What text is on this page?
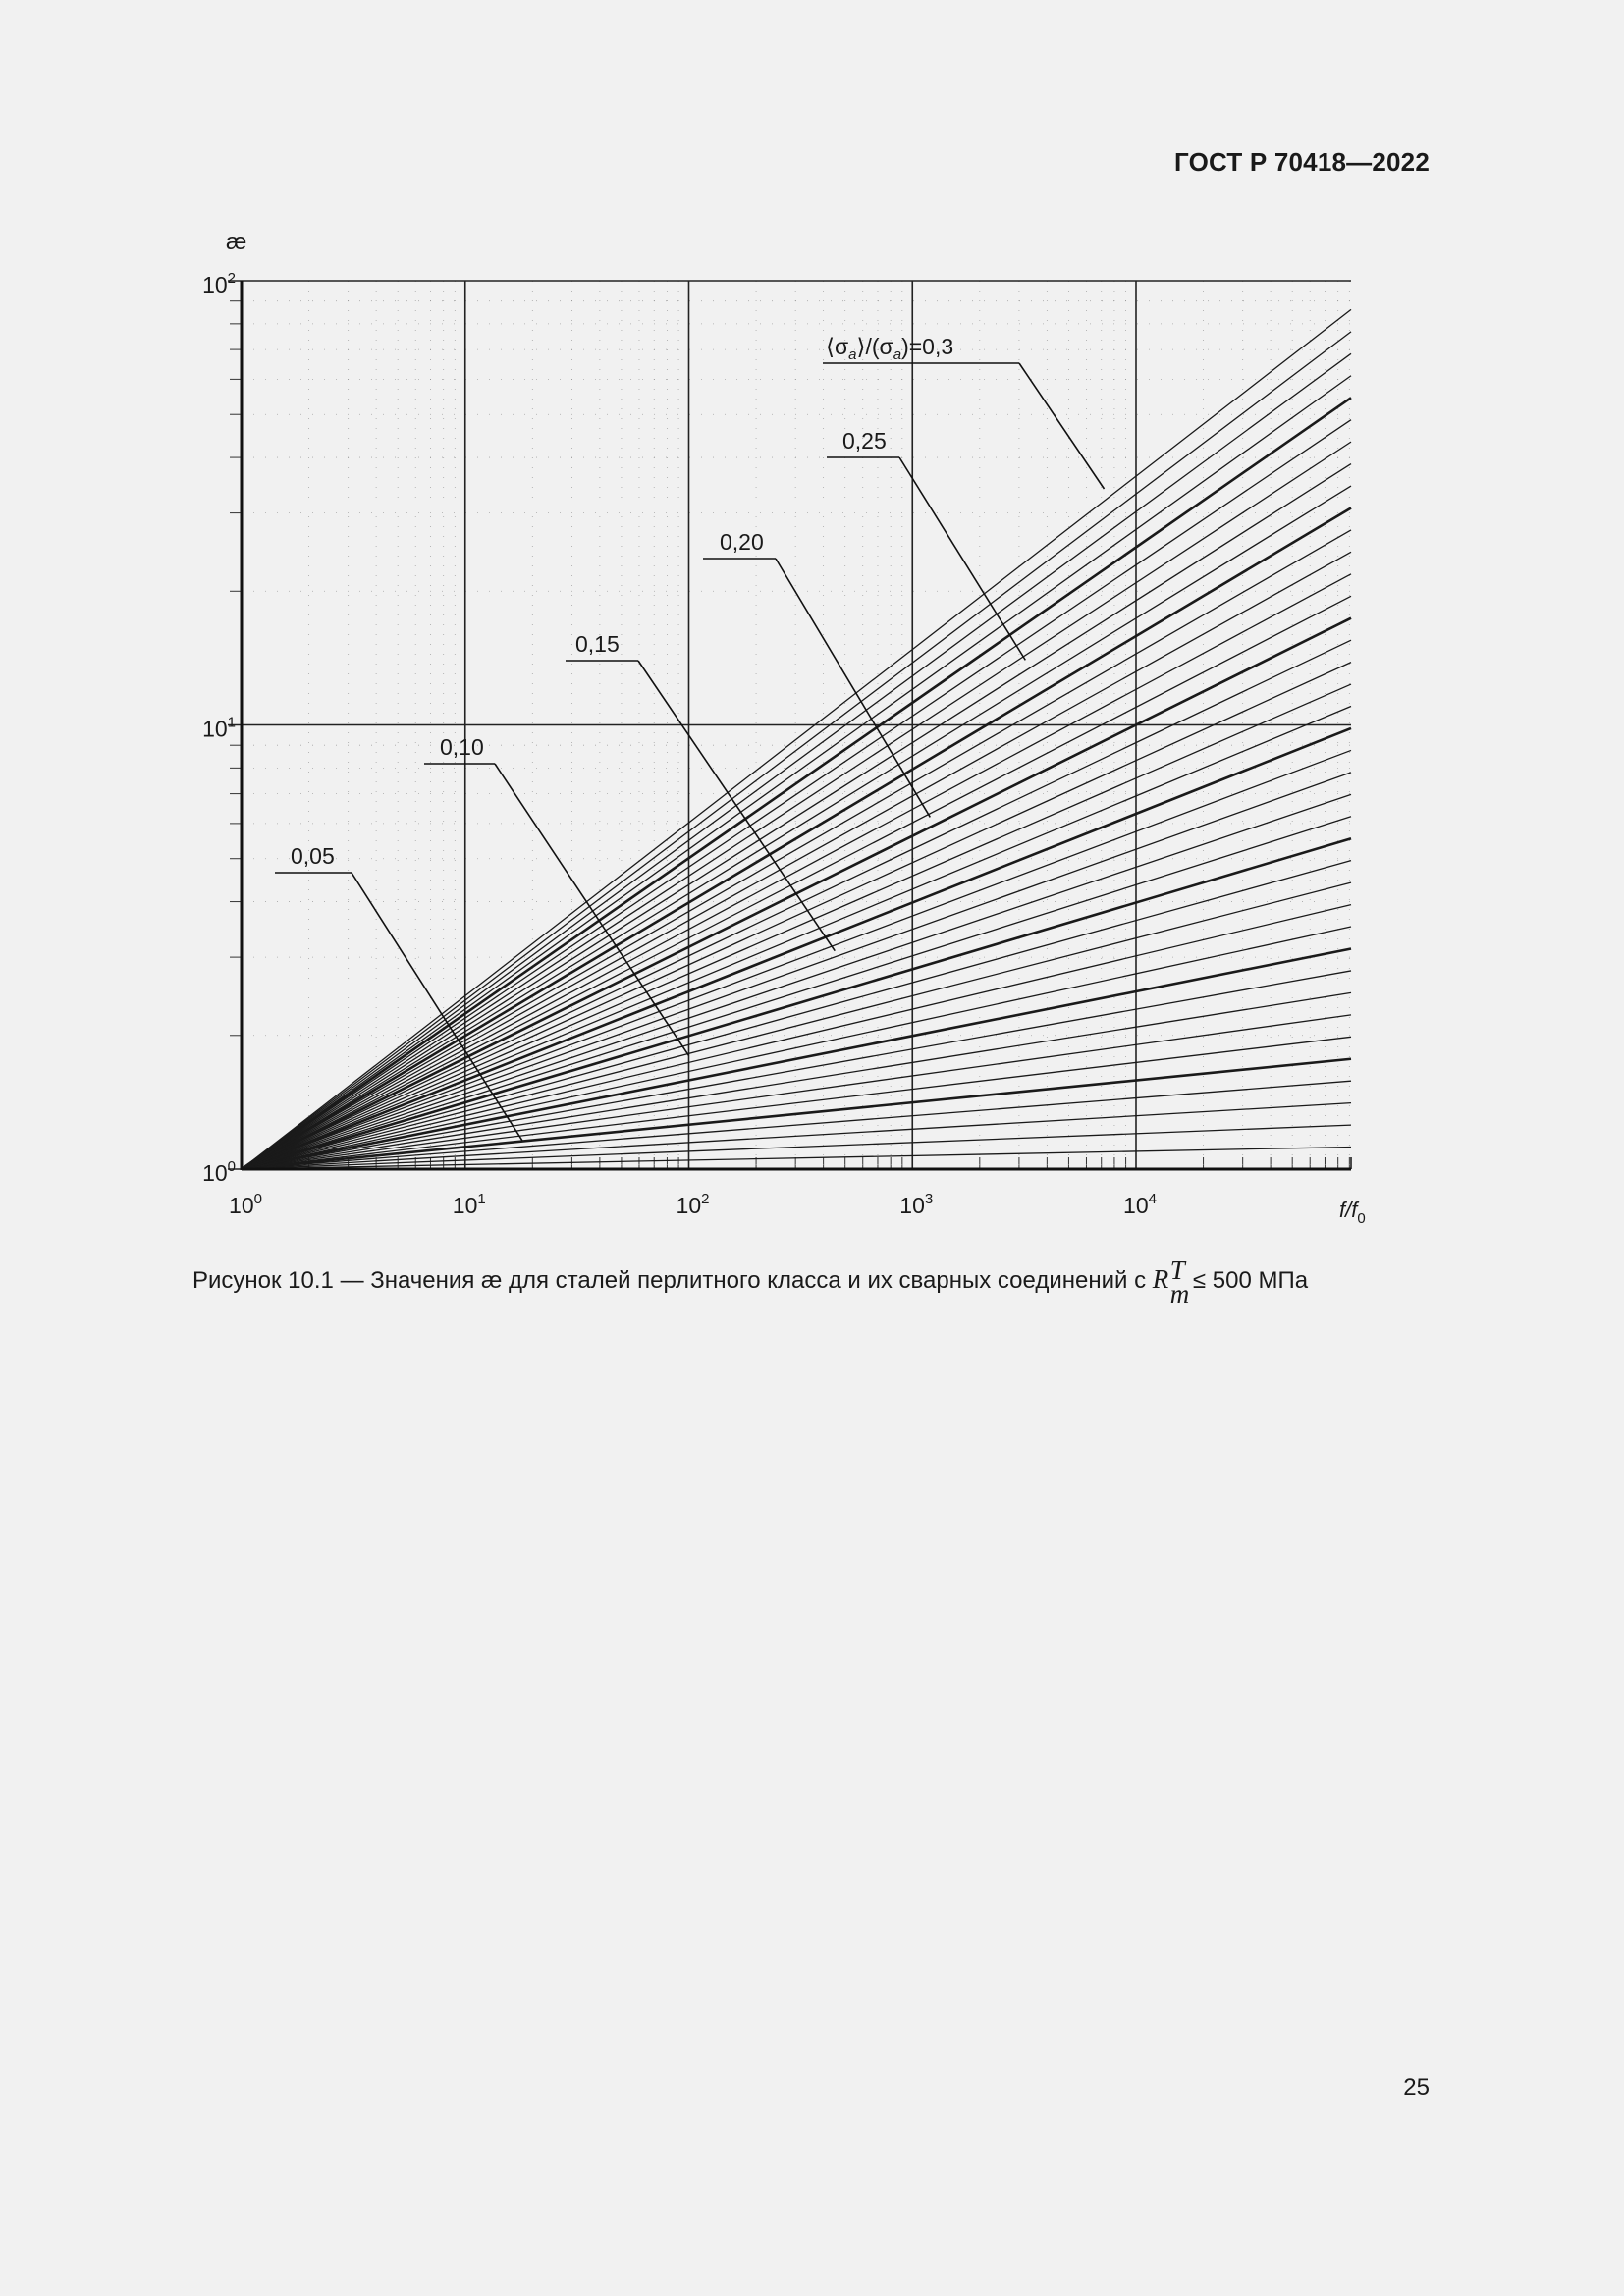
ГОСТ Р 70418—2022
$10^0$	$10^1$	$10^2$	$10^3$	$10^4$
$10^0$
$10^1$
$10^2$
0,05
0,10
0,15
0,20
0,25
$⟨\sigma_a⟩/(\sigma_a)=0,3$
æ
$f/f_0$
Рисунок 10.1 — Значения æ для сталей перлитного класса и их сварных соединений с R T
m
≤ 500 МПа
25
